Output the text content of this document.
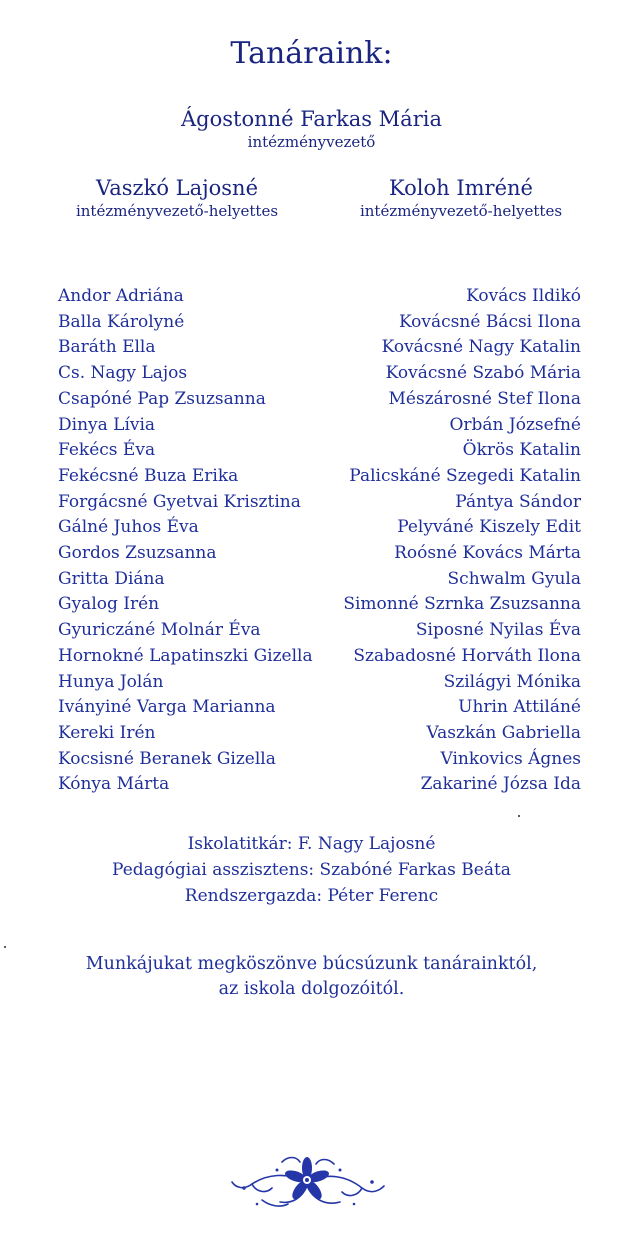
Tanáraink:
Ágostonné Farkas Mária
intézményvezető
Vaszkó Lajosné
intézményvezető-helyettes
Koloh Imréné
intézményvezető-helyettes
Andor Adriána
Balla Károlyné
Baráth Ella
Cs. Nagy Lajos
Csapóné Pap Zsuzsanna
Dinya Lívia
Fekécs Éva
Fekécsné Buza Erika
Forgácsné Gyetvai Krisztina
Gálné Juhos Éva
Gordos Zsuzsanna
Gritta Diána
Gyalog Irén
Gyuriczáné Molnár Éva
Hornokné Lapatinszki Gizella
Hunya Jolán
Iványiné Varga Marianna
Kereki Irén
Kocsisné Beranek Gizella
Kónya Márta
Kovács Ildikó
Kovácsné Bácsi Ilona
Kovácsné Nagy Katalin
Kovácsné Szabó Mária
Mészárosné Stef Ilona
Orbán Józsefné
Ökrös Katalin
Palicskáné Szegedi Katalin
Pántya Sándor
Pelyváné Kiszely Edit
Roósné Kovács Márta
Schwalm Gyula
Simonné Szrnka Zsuzsanna
Siposné Nyilas Éva
Szabadosné Horváth Ilona
Szilágyi Mónika
Uhrin Attiláné
Vaszkán Gabriella
Vinkovics Ágnes
Zakariné Józsa Ida
Iskolatitkár: F. Nagy Lajosné
Pedagógiai asszisztens: Szabóné Farkas Beáta
Rendszergazda: Péter Ferenc
Munkájukat megköszönve búcsúzunk tanárainktól,
az iskola dolgozóitól.
